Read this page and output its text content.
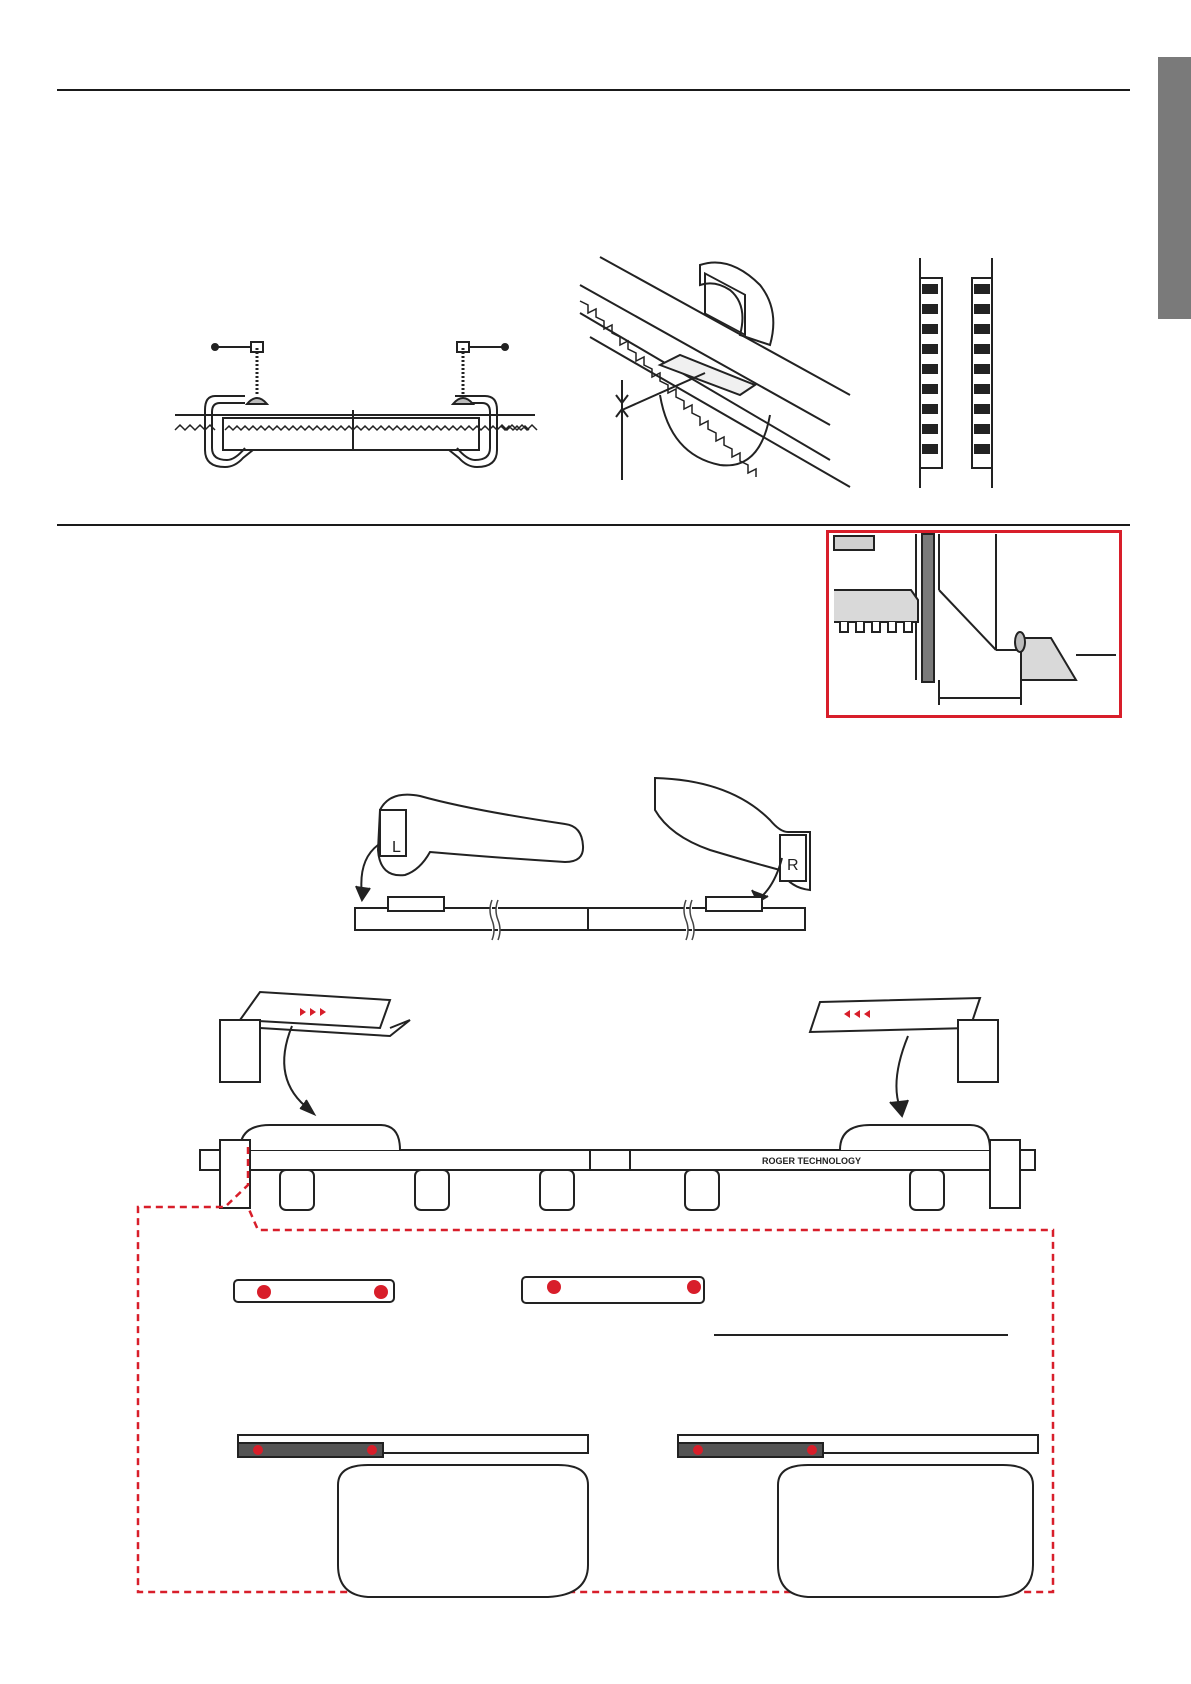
L
R
ROGER TECHNOLOGY
